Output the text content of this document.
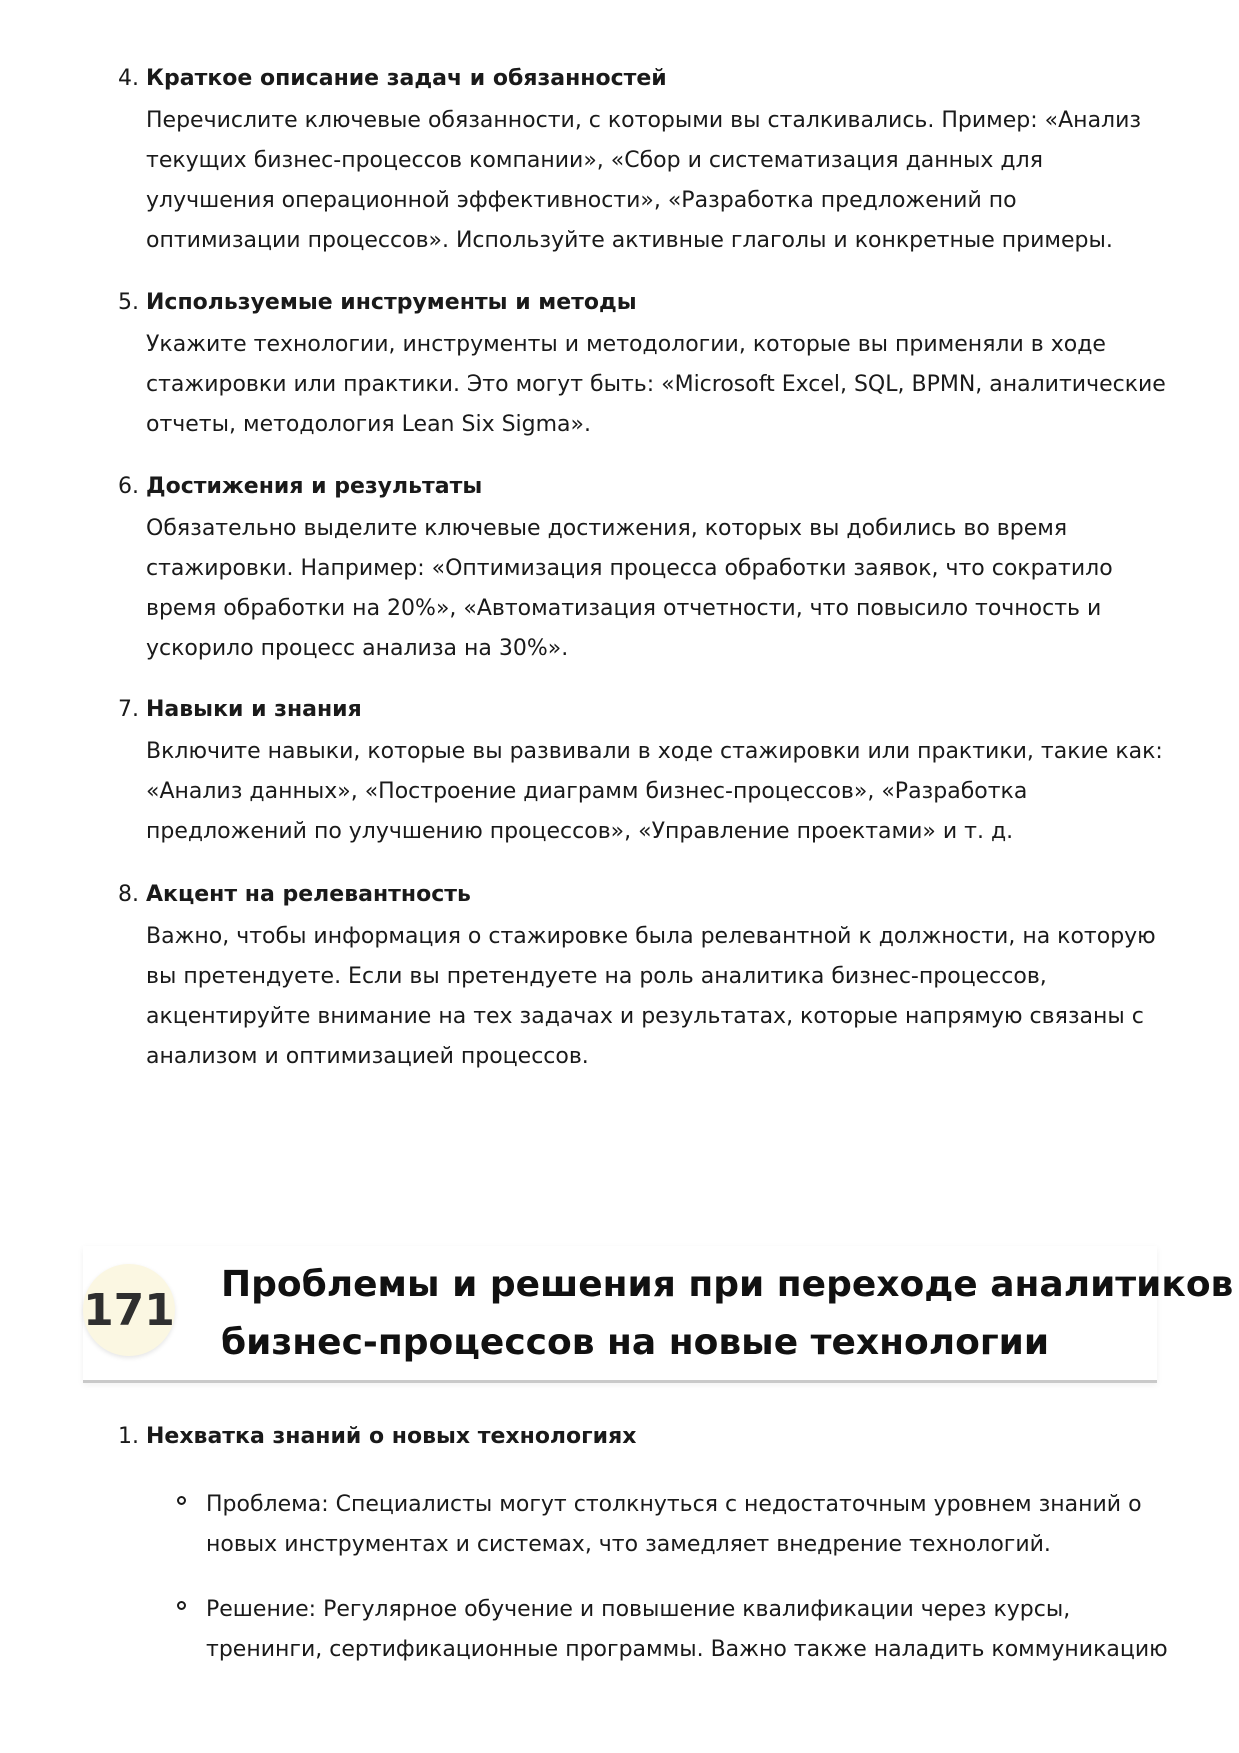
4. Краткое описание задач и обязанностей

Перечислите ключевые обязанности, с которыми вы сталкивались. Пример: «Анализ
текущих бизнес-процессов компании», «Сбор и систематизация данных для
улучшения операционной эффективности», «Разработка предложений по
оптимизации процессов». Используйте активные глаголы и конкретные примеры.

5. Используемые инструменты и методы

Укажите технологии, инструменты и методологии, которые вы применяли в ходе
стажировки или практики. Это могут быть: «Microsoft Excel, SQL, BPMN, аналитические
отчеты, методология Lean Six Sigma».

6. Достижения и результаты

Обязательно выделите ключевые достижения, которых вы добились во время
стажировки. Например: «Оптимизация процесса обработки заявок, что сократило
время обработки на 20%», «Автоматизация отчетности, что повысило точность и
ускорило процесс анализа на 30%».

7. Навыки и знания

Включите навыки, которые вы развивали в ходе стажировки или практики, такие как:
«Анализ данных», «Построение диаграмм бизнес-процессов», «Разработка
предложений по улучшению процессов», «Управление проектами» и т. д.

8. Акцент на релевантность

Важно, чтобы информация о стажировке была релевантной к должности, на которую
вы претендуете. Если вы претендуете на роль аналитика бизнес-процессов,
акцентируйте внимание на тех задачах и результатах, которые напрямую связаны с
анализом и оптимизацией процессов.

171 Проблемы и решения при переходе аналитиков
бизнес-процессов на новые технологии
1. Нехватка знаний о новых технологиях

Проблема: Специалисты могут столкнуться с недостаточным уровнем знаний о
новых инструментах и системах, что замедляет внедрение технологий.

Решение: Регулярное обучение и повышение квалификации через курсы,
тренинги, сертификационные программы. Важно также наладить коммуникацию
